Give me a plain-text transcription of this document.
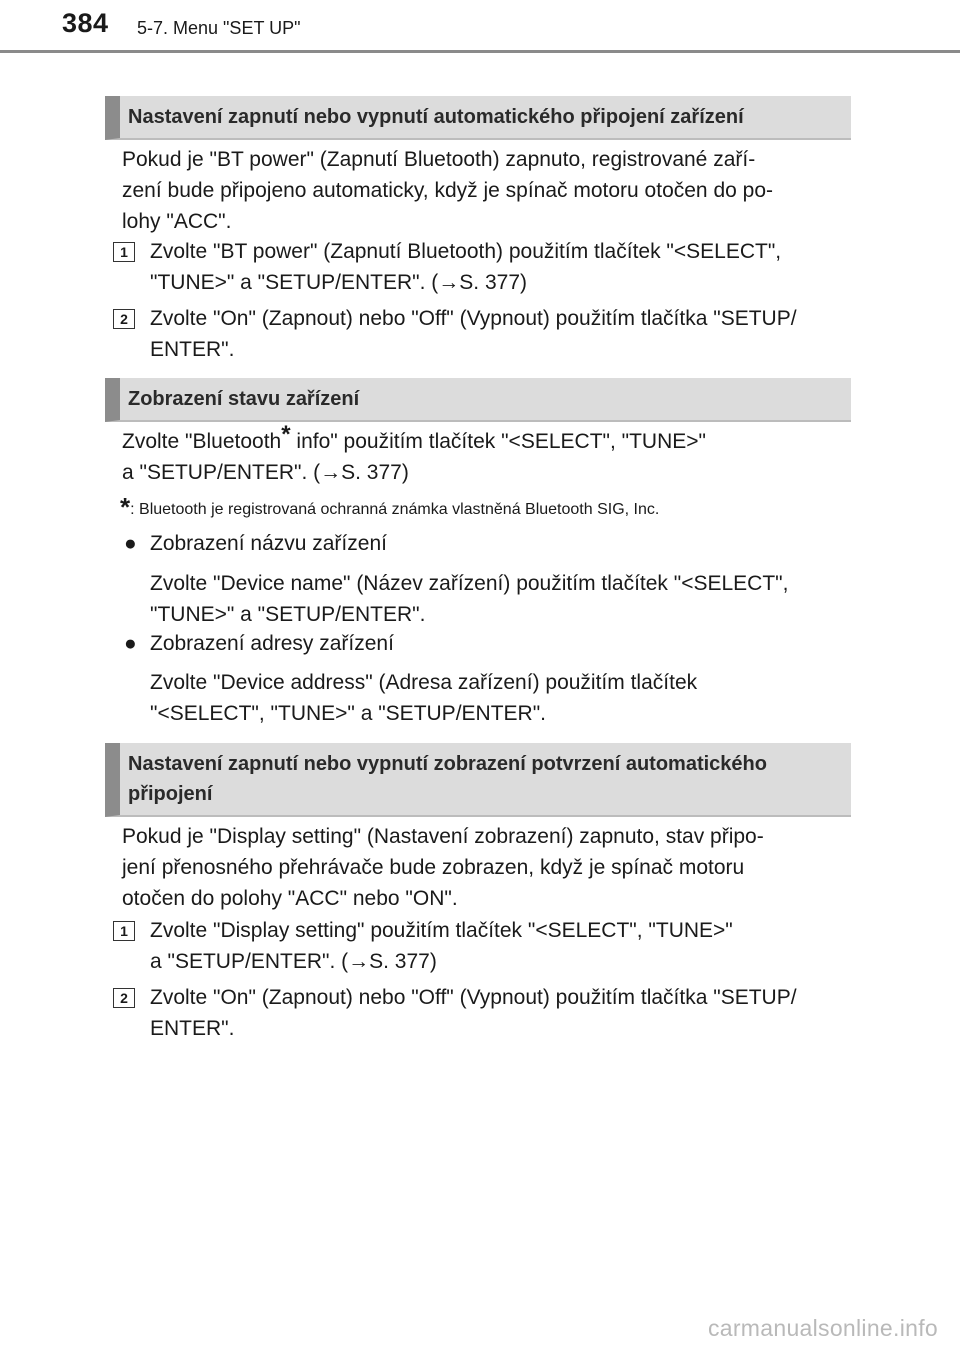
384 5-7. Menu "SET UP"
Nastavení zapnutí nebo vypnutí automatického připojení zařízení
Pokud je "BT power" (Zapnutí Bluetooth) zapnuto, registrované zaří-
zení bude připojeno automaticky, když je spínač motoru otočen do po-
lohy "ACC".
1	Zvolte "BT power" (Zapnutí Bluetooth) použitím tlačítek "<SELECT",
"TUNE>" a "SETUP/ENTER". (→S. 377)
2	Zvolte "On" (Zapnout) nebo "Off" (Vypnout) použitím tlačítka "SETUP/
ENTER".
Zobrazení stavu zařízení
Zvolte "Bluetooth* info" použitím tlačítek "<SELECT", "TUNE>"
a "SETUP/ENTER". (→S. 377)
*: Bluetooth je registrovaná ochranná známka vlastněná Bluetooth SIG, Inc.
● Zobrazení názvu zařízení
Zvolte "Device name" (Název zařízení) použitím tlačítek "<SELECT",
"TUNE>" a "SETUP/ENTER".
● Zobrazení adresy zařízení
Zvolte "Device address" (Adresa zařízení) použitím tlačítek
"<SELECT", "TUNE>" a "SETUP/ENTER".
Nastavení zapnutí nebo vypnutí zobrazení potvrzení automatického
připojení
Pokud je "Display setting" (Nastavení zobrazení) zapnuto, stav připo-
jení přenosného přehrávače bude zobrazen, když je spínač motoru
otočen do polohy "ACC" nebo "ON".
1	Zvolte "Display setting" použitím tlačítek "<SELECT", "TUNE>"
a "SETUP/ENTER". (→S. 377)
2	Zvolte "On" (Zapnout) nebo "Off" (Vypnout) použitím tlačítka "SETUP/
ENTER".
carmanualsonline.info
